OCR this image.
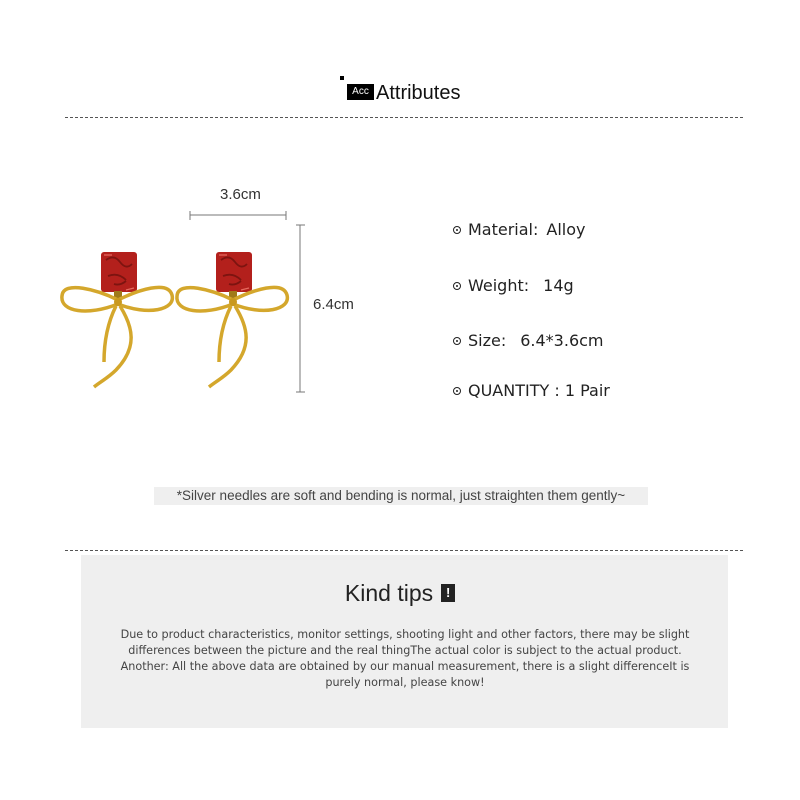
Acc Attributes
3.6cm
6.4cm
Material: Alloy
Weight: 14g
Size: 6.4*3.6cm
QUANTITY : 1 Pair
*Silver needles are soft and bending is normal, just straighten them gently~
Kind tips !
Due to product characteristics, monitor settings, shooting light and other factors, there may be slight differences between the picture and the real thingThe actual color is subject to the actual product. Another: All the above data are obtained by our manual measurement, there is a slight differenceIt is purely normal, please know!
